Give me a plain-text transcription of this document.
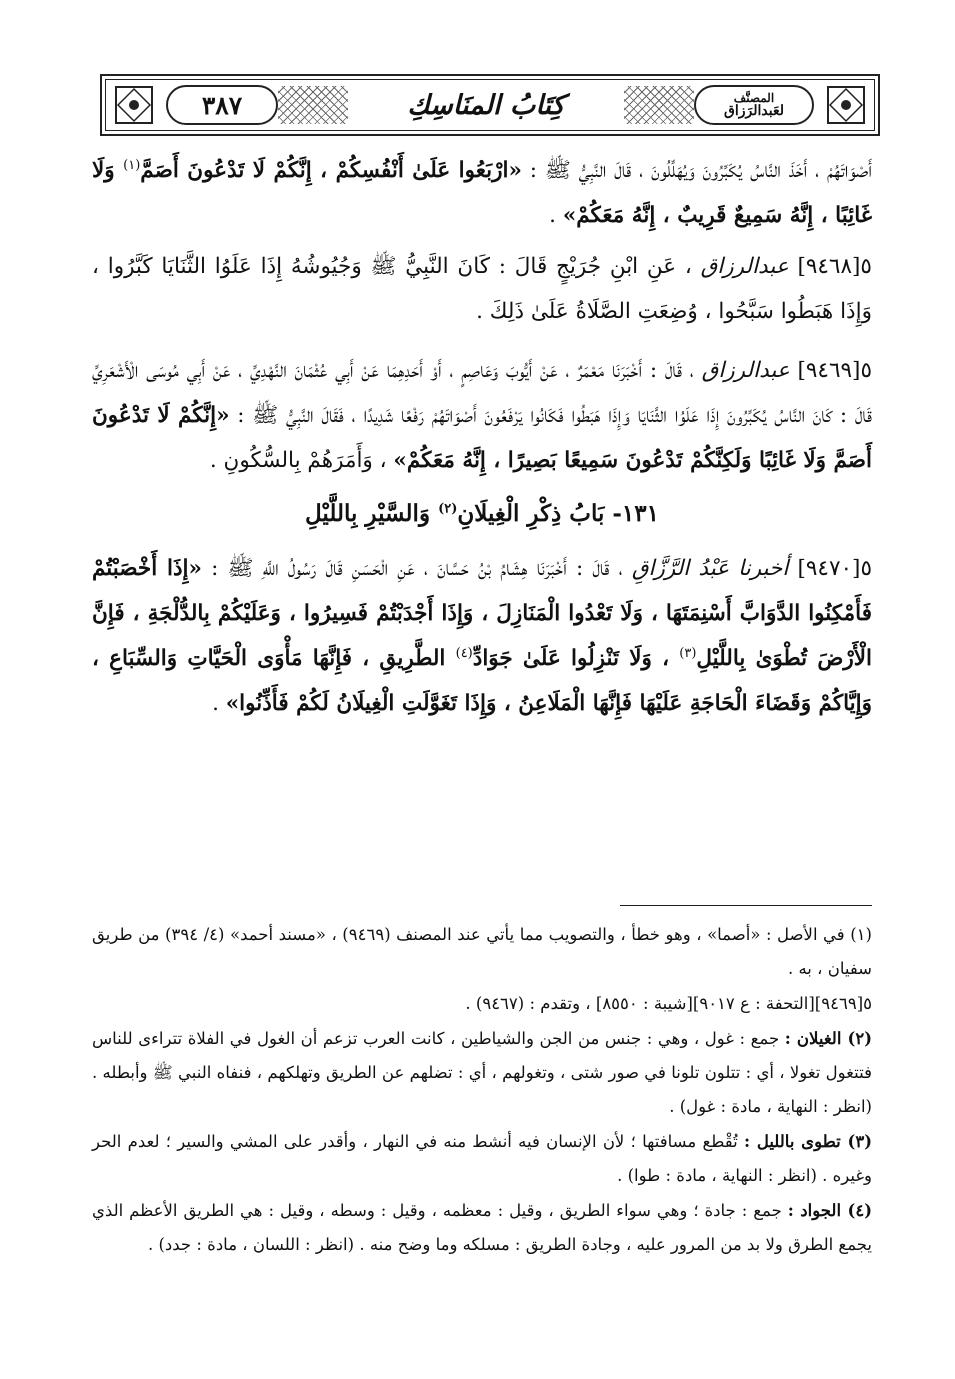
٣٨٧	كِتَابُ المنَاسِكِ	المصنَّف
لعَبدالرَزاق

أَصْوَاتَهُمْ ، أَخَذَ النَّاسُ يُكَبِّرُونَ وَيُهَلِّلُونَ ، قَالَ النَّبِيُّ ﷺ : «ارْبَعُوا عَلَىٰ أَنْفُسِكُمْ ، إِنَّكُمْ لَا تَدْعُونَ أَصَمَّ$^{(١)}$ وَلَا غَائِبًا ، إِنَّهُ سَمِيعٌ قَرِيبٌ ، إِنَّهُ مَعَكُمْ» .

٥[٩٤٦٨] عبدالرزاق ، عَنِ ابْنِ جُرَيْجٍ قَالَ : كَانَ النَّبِيُّ ﷺ وَجُيُوشُهُ إِذَا عَلَوُا الثَّنَايَا كَبَّرُوا ، وَإِذَا هَبَطُوا سَبَّحُوا ، وُضِعَتِ الصَّلَاةُ عَلَىٰ ذَلِكَ .

٥[٩٤٦٩] عبدالرزاق ، قَالَ : أَخْبَرَنَا مَعْمَرٌ ، عَنْ أَيُّوبَ وَعَاصِمٍ ، أَوْ أَحَدِهِمَا عَنْ أَبِي عُثْمَانَ النَّهْدِيِّ ، عَنْ أَبِي مُوسَى الْأَشْعَرِيِّ قَالَ : كَانَ النَّاسُ يُكَبِّرُونَ إِذَا عَلَوُا الثَّنَايَا وَإِذَا هَبَطُوا فَكَانُوا يَرْفَعُونَ أَصْوَاتَهُمْ رَفْعًا شَدِيدًا ، فَقَالَ النَّبِيُّ ﷺ : «إِنَّكُمْ لَا تَدْعُونَ أَصَمَّ وَلَا غَائِبًا وَلَكِنَّكُمْ تَدْعُونَ سَمِيعًا بَصِيرًا ، إِنَّهُ مَعَكُمْ» ، وَأَمَرَهُمْ بِالسُّكُونِ .

١٣١- بَابُ ذِكْرِ الْغِيلَانِ$^{(٢)}$ وَالسَّيْرِ بِاللَّيْلِ

٥[٩٤٧٠] أخبرنا عَبْدُ الرَّزَّاقِ ، قَالَ : أَخْبَرَنَا هِشَامُ بْنُ حَسَّانَ ، عَنِ الْحَسَنِ قَالَ رَسُولُ اللَّهِ ﷺ : «إِذَا أَخْصَبْتُمْ فَأَمْكِنُوا الدَّوَابَّ أَسْنِمَتَهَا ، وَلَا تَعْدُوا الْمَنَازِلَ ، وَإِذَا أَجْدَبْتُمْ فَسِيرُوا ، وَعَلَيْكُمْ بِالدُّلْجَةِ ، فَإِنَّ الْأَرْضَ تُطْوَىٰ بِاللَّيْلِ$^{(٣)}$ ، وَلَا تَنْزِلُوا عَلَىٰ جَوَادِّ$^{(٤)}$ الطَّرِيقِ ، فَإِنَّهَا مَأْوَى الْحَيَّاتِ وَالسِّبَاعِ ، وَإِيَّاكُمْ وَقَضَاءَ الْحَاجَةِ عَلَيْهَا فَإِنَّهَا الْمَلَاعِنُ ، وَإِذَا تَغَوَّلَتِ الْغِيلَانُ لَكُمْ فَأَذِّنُوا» .

(١) في الأصل : «أصما» ، وهو خطأ ، والتصويب مما يأتي عند المصنف (٩٤٦٩) ، «مسند أحمد» (٤/ ٣٩٤) من طريق سفيان ، به .

٥[٩٤٦٩][التحفة : ع ٩٠١٧][شيبة : ٨٥٥٠] ، وتقدم : (٩٤٦٧) .

(٢) الغيلان : جمع : غول ، وهي : جنس من الجن والشياطين ، كانت العرب تزعم أن الغول في الفلاة تتراءى للناس فتتغول تغولا ، أي : تتلون تلونا في صور شتى ، وتغولهم ، أي : تضلهم عن الطريق وتهلكهم ، فنفاه النبي ﷺ وأبطله . (انظر : النهاية ، مادة : غول) .

(٣) تطوى بالليل : تُقْطع مسافتها ؛ لأن الإنسان فيه أنشط منه في النهار ، وأقدر على المشي والسير ؛ لعدم الحر وغيره . (انظر : النهاية ، مادة : طوا) .

(٤) الجواد : جمع : جادة ؛ وهي سواء الطريق ، وقيل : معظمه ، وقيل : وسطه ، وقيل : هي الطريق الأعظم الذي يجمع الطرق ولا بد من المرور عليه ، وجادة الطريق : مسلكه وما وضح منه . (انظر : اللسان ، مادة : جدد) .
